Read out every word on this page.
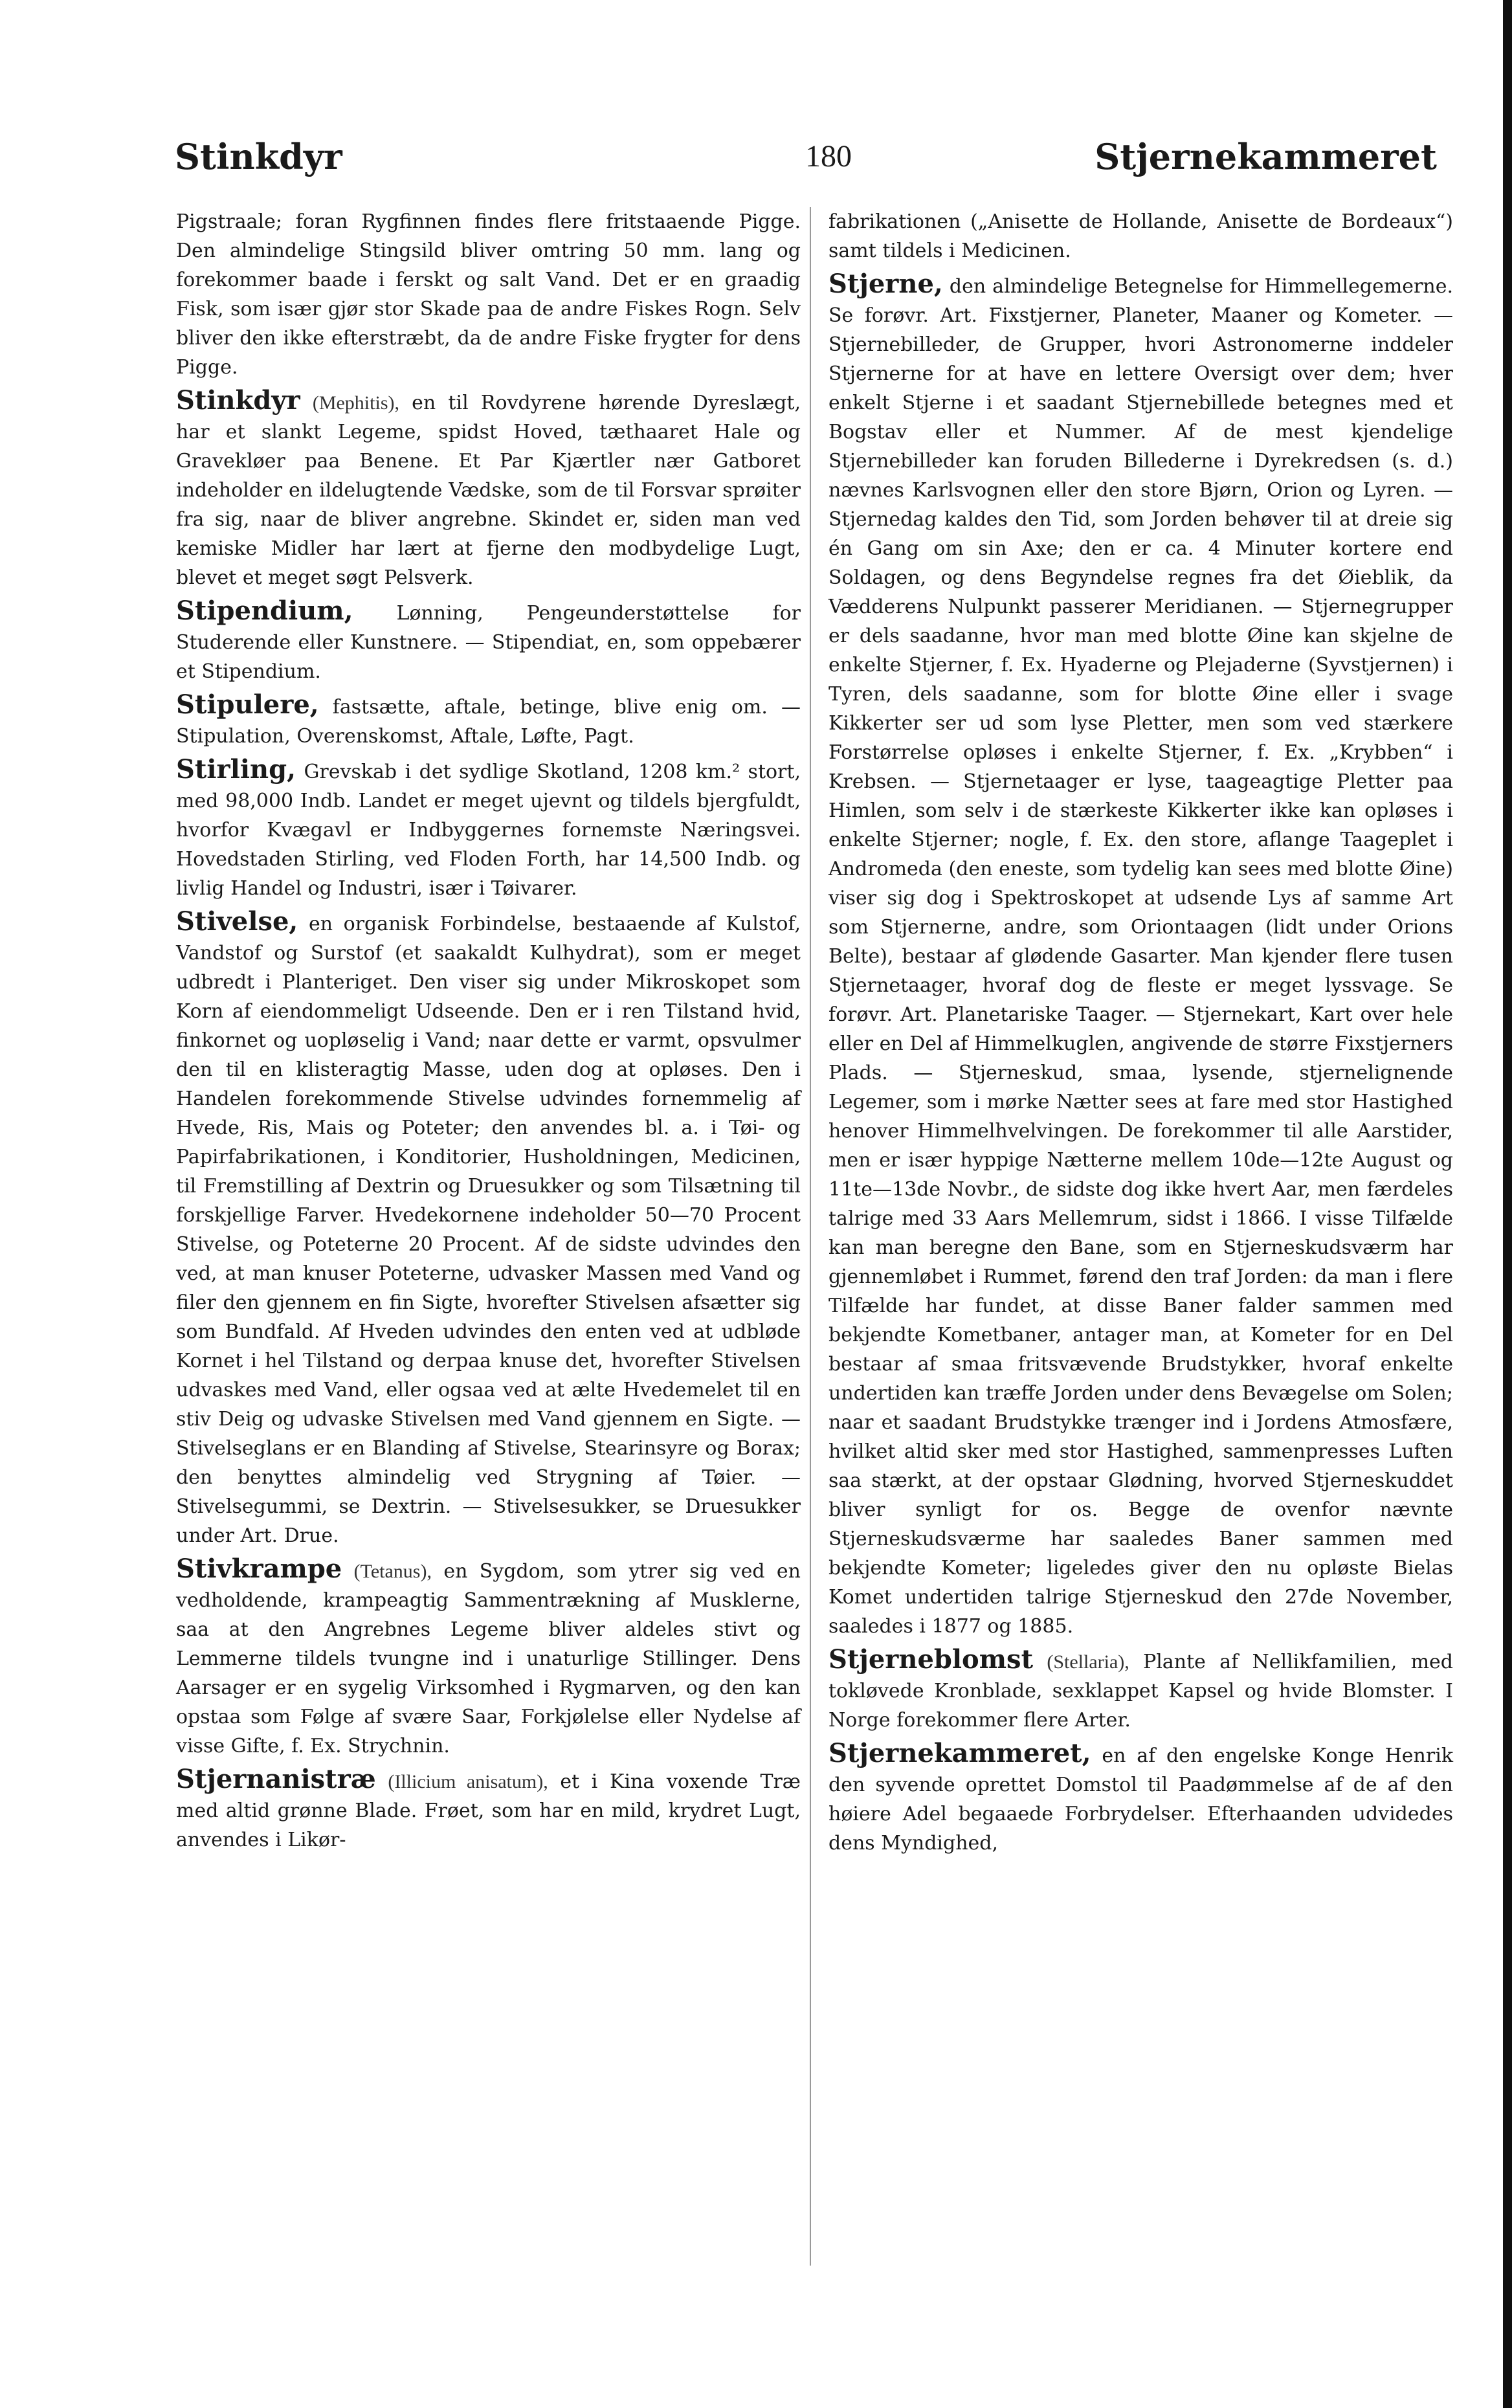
Stinkdyr	180	Stjernekammeret

Pigstraale; foran Rygfinnen findes flere fritstaaende Pigge. Den almindelige Stingsild bliver omtring 50 mm. lang og forekommer baade i ferskt og salt Vand. Det er en graadig Fisk, som især gjør stor Skade paa de andre Fiskes Rogn. Selv bliver den ikke efterstræbt, da de andre Fiske frygter for dens Pigge.

Stinkdyr (Mephitis), en til Rovdyrene hørende Dyreslægt, har et slankt Legeme, spidst Hoved, tæthaaret Hale og Gravekløer paa Benene. Et Par Kjærtler nær Gatboret indeholder en ildelugtende Vædske, som de til Forsvar sprøiter fra sig, naar de bliver angrebne. Skindet er, siden man ved kemiske Midler har lært at fjerne den modbydelige Lugt, blevet et meget søgt Pelsverk.

Stipendium, Lønning, Pengeunderstøttelse for Studerende eller Kunstnere. — Stipendiat, en, som oppebærer et Stipendium.

Stipulere, fastsætte, aftale, betinge, blive enig om. — Stipulation, Overenskomst, Aftale, Løfte, Pagt.

Stirling, Grevskab i det sydlige Skotland, 1208 km.² stort, med 98,000 Indb. Landet er meget ujevnt og tildels bjergfuldt, hvorfor Kvægavl er Indbyggernes fornemste Næringsvei. Hovedstaden Stirling, ved Floden Forth, har 14,500 Indb. og livlig Handel og Industri, især i Tøivarer.

Stivelse, en organisk Forbindelse, bestaaende af Kulstof, Vandstof og Surstof (et saakaldt Kulhydrat), som er meget udbredt i Planteriget. Den viser sig under Mikroskopet som Korn af eiendommeligt Udseende. Den er i ren Tilstand hvid, finkornet og uopløselig i Vand; naar dette er varmt, opsvulmer den til en klisteragtig Masse, uden dog at opløses. Den i Handelen forekommende Stivelse udvindes fornemmelig af Hvede, Ris, Mais og Poteter; den anvendes bl. a. i Tøi- og Papirfabrikationen, i Konditorier, Husholdningen, Medicinen, til Fremstilling af Dextrin og Druesukker og som Tilsætning til forskjellige Farver. Hvedekornene indeholder 50—70 Procent Stivelse, og Poteterne 20 Procent. Af de sidste udvindes den ved, at man knuser Poteterne, udvasker Massen med Vand og filer den gjennem en fin Sigte, hvorefter Stivelsen afsætter sig som Bundfald. Af Hveden udvindes den enten ved at udbløde Kornet i hel Tilstand og derpaa knuse det, hvorefter Stivelsen udvaskes med Vand, eller ogsaa ved at ælte Hvedemelet til en stiv Deig og udvaske Stivelsen med Vand gjennem en Sigte. — Stivelseglans er en Blanding af Stivelse, Stearinsyre og Borax; den benyttes almindelig ved Strygning af Tøier. — Stivelsegummi, se Dextrin. — Stivelsesukker, se Druesukker under Art. Drue.

Stivkrampe (Tetanus), en Sygdom, som ytrer sig ved en vedholdende, krampeagtig Sammentrækning af Musklerne, saa at den Angrebnes Legeme bliver aldeles stivt og Lemmerne tildels tvungne ind i unaturlige Stillinger. Dens Aarsager er en sygelig Virksomhed i Rygmarven, og den kan opstaa som Følge af svære Saar, Forkjølelse eller Nydelse af visse Gifte, f. Ex. Strychnin.

Stjernanistræ (Illicium anisatum), et i Kina voxende Træ med altid grønne Blade. Frøet, som har en mild, krydret Lugt, anvendes i Likør-

fabrikationen („Anisette de Hollande, Anisette de Bordeaux“) samt tildels i Medicinen.

Stjerne, den almindelige Betegnelse for Himmellegemerne. Se forøvr. Art. Fixstjerner, Planeter, Maaner og Kometer. — Stjernebilleder, de Grupper, hvori Astronomerne inddeler Stjernerne for at have en lettere Oversigt over dem; hver enkelt Stjerne i et saadant Stjernebillede betegnes med et Bogstav eller et Nummer. Af de mest kjendelige Stjernebilleder kan foruden Billederne i Dyrekredsen (s. d.) nævnes Karlsvognen eller den store Bjørn, Orion og Lyren. — Stjernedag kaldes den Tid, som Jorden behøver til at dreie sig én Gang om sin Axe; den er ca. 4 Minuter kortere end Soldagen, og dens Begyndelse regnes fra det Øieblik, da Vædderens Nulpunkt passerer Meridianen. — Stjernegrupper er dels saadanne, hvor man med blotte Øine kan skjelne de enkelte Stjerner, f. Ex. Hyaderne og Plejaderne (Syvstjernen) i Tyren, dels saadanne, som for blotte Øine eller i svage Kikkerter ser ud som lyse Pletter, men som ved stærkere Forstørrelse opløses i enkelte Stjerner, f. Ex. „Krybben“ i Krebsen. — Stjernetaager er lyse, taageagtige Pletter paa Himlen, som selv i de stærkeste Kikkerter ikke kan opløses i enkelte Stjerner; nogle, f. Ex. den store, aflange Taageplet i Andromeda (den eneste, som tydelig kan sees med blotte Øine) viser sig dog i Spektroskopet at udsende Lys af samme Art som Stjernerne, andre, som Oriontaagen (lidt under Orions Belte), bestaar af glødende Gasarter. Man kjender flere tusen Stjernetaager, hvoraf dog de fleste er meget lyssvage. Se forøvr. Art. Planetariske Taager. — Stjernekart, Kart over hele eller en Del af Himmelkuglen, angivende de større Fixstjerners Plads. — Stjerneskud, smaa, lysende, stjernelignende Legemer, som i mørke Nætter sees at fare med stor Hastighed henover Himmelhvelvingen. De forekommer til alle Aarstider, men er især hyppige Nætterne mellem 10de—12te August og 11te—13de Novbr., de sidste dog ikke hvert Aar, men færdeles talrige med 33 Aars Mellemrum, sidst i 1866. I visse Tilfælde kan man beregne den Bane, som en Stjerneskudsværm har gjennemløbet i Rummet, førend den traf Jorden: da man i flere Tilfælde har fundet, at disse Baner falder sammen med bekjendte Kometbaner, antager man, at Kometer for en Del bestaar af smaa fritsvævende Brudstykker, hvoraf enkelte undertiden kan træffe Jorden under dens Bevægelse om Solen; naar et saadant Brudstykke trænger ind i Jordens Atmosfære, hvilket altid sker med stor Hastighed, sammenpresses Luften saa stærkt, at der opstaar Glødning, hvorved Stjerneskuddet bliver synligt for os. Begge de ovenfor nævnte Stjerneskudsværme har saaledes Baner sammen med bekjendte Kometer; ligeledes giver den nu opløste Bielas Komet undertiden talrige Stjerneskud den 27de November, saaledes i 1877 og 1885.

Stjerneblomst (Stellaria), Plante af Nellikfamilien, med tokløvede Kronblade, sexklappet Kapsel og hvide Blomster. I Norge forekommer flere Arter.

Stjernekammeret, en af den engelske Konge Henrik den syvende oprettet Domstol til Paadømmelse af de af den høiere Adel begaaede Forbrydelser. Efterhaanden udvidedes dens Myndighed,
